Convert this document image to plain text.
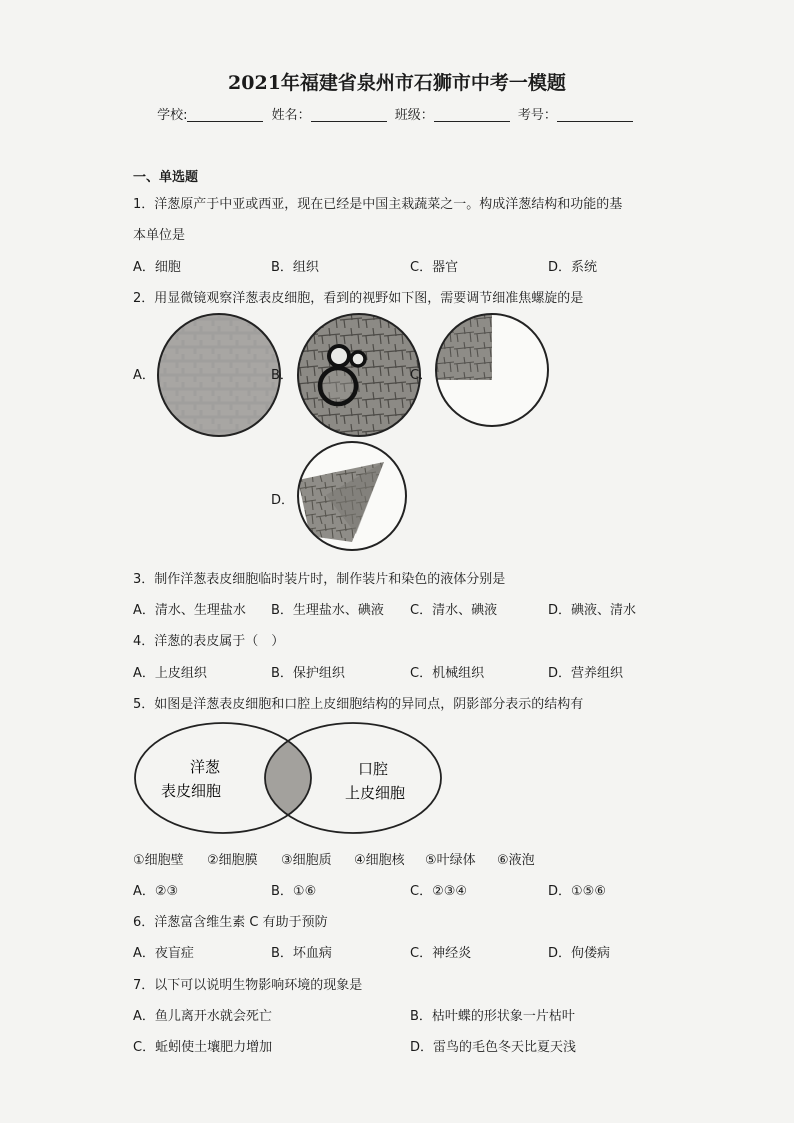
2021年福建省泉州市石狮市中考一模题
学校:	姓名：	班级：	考号：
一、单选题
1．洋葱原产于中亚或西亚，现在已经是中国主栽蔬菜之一。构成洋葱结构和功能的基
本单位是
A．细胞	B．组织	C．器官	D．系统
2．用显微镜观察洋葱表皮细胞，看到的视野如下图，需要调节细准焦螺旋的是
A．	B．	C．
D．
3．制作洋葱表皮细胞临时装片时，制作装片和染色的液体分别是
A．清水、生理盐水 B．生理盐水、碘液 C．清水、碘液	D．碘液、清水
4．洋葱的表皮属于（　）
A．上皮组织	B．保护组织	C．机械组织	D．营养组织
5．如图是洋葱表皮细胞和口腔上皮细胞结构的异同点，阴影部分表示的结构有
洋葱
表皮细胞
口腔
上皮细胞
①细胞壁 ②细胞膜 ③细胞质 ④细胞核 ⑤叶绿体 ⑥液泡
A．②③	B．①⑥	C．②③④	D．①⑤⑥
6．洋葱富含维生素 C 有助于预防
A．夜盲症	B．坏血病	C．神经炎	D．佝偻病
7．以下可以说明生物影响环境的现象是
A．鱼儿离开水就会死亡	B．枯叶蝶的形状象一片枯叶
C．蚯蚓使土壤肥力增加	D．雷鸟的毛色冬天比夏天浅
